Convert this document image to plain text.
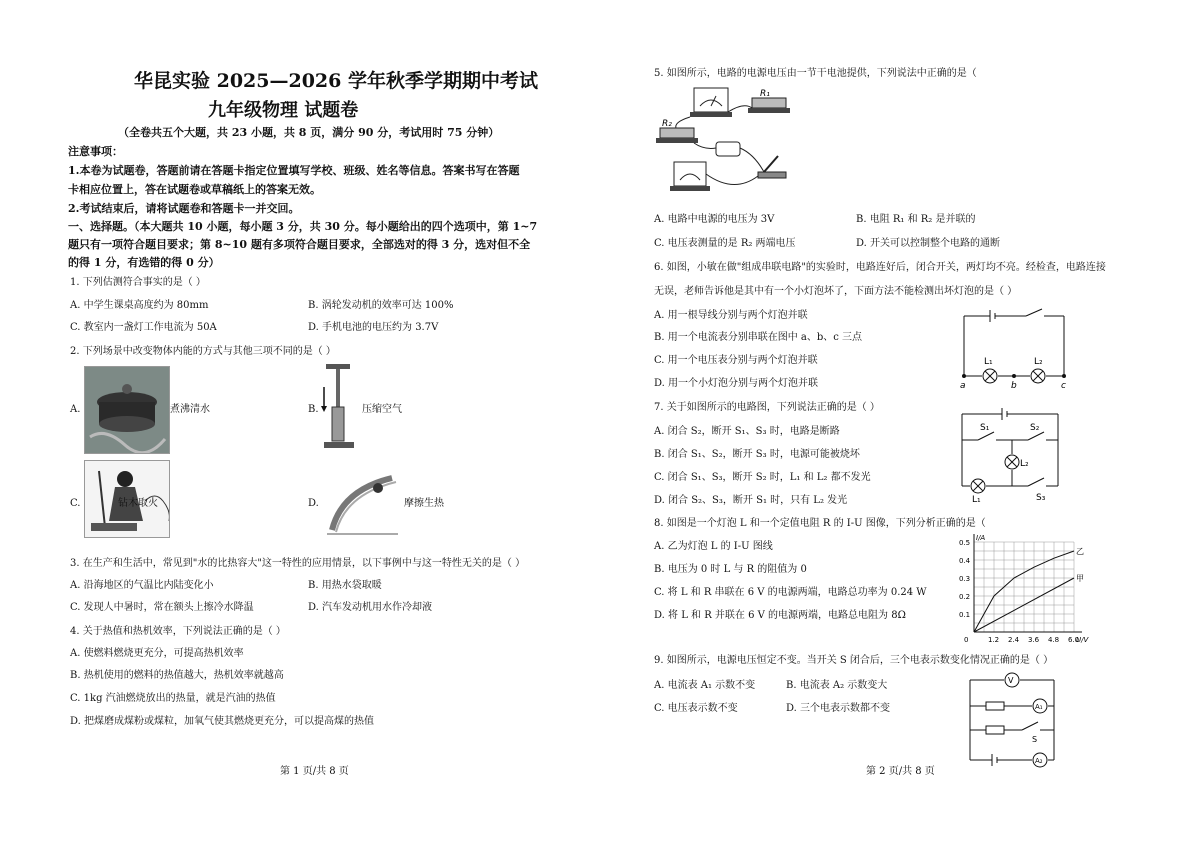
华昆实验 2025—2026 学年秋季学期期中考试
九年级物理 试题卷
（全卷共五个大题，共 23 小题，共 8 页，满分 90 分，考试用时 75 分钟）
注意事项：
1.本卷为试题卷，答题前请在答题卡指定位置填写学校、班级、姓名等信息。答案书写在答题
卡相应位置上，答在试题卷或草稿纸上的答案无效。
2.考试结束后，请将试题卷和答题卡一并交回。
一、选择题。（本大题共 10 小题，每小题 3 分，共 30 分。每小题给出的四个选项中，第 1~7
题只有一项符合题目要求；第 8~10 题有多项符合题目要求，全部选对的得 3 分，选对但不全
的得 1 分，有选错的得 0 分）
1. 下列估测符合事实的是（ ）
A. 中学生课桌高度约为 80mm	B. 涡轮发动机的效率可达 100%
C. 教室内一盏灯工作电流为 50A	D. 手机电池的电压约为 3.7V
2. 下列场景中改变物体内能的方式与其他三项不同的是（ ）
A.	煮沸清水	B.	压缩空气
C.	钻木取火	D.	摩擦生热
3. 在生产和生活中，常见到"水的比热容大"这一特性的应用情景，以下事例中与这一特性无关的是（ ）
A. 沿海地区的气温比内陆变化小	B. 用热水袋取暖
C. 发现人中暑时，常在额头上擦冷水降温	D. 汽车发动机用水作冷却液
4. 关于热值和热机效率，下列说法正确的是（ ）
A. 使燃料燃烧更充分，可提高热机效率
B. 热机使用的燃料的热值越大，热机效率就越高
C. 1kg 汽油燃烧放出的热量，就是汽油的热值
D. 把煤磨成煤粉或煤粒，加氧气使其燃烧更充分，可以提高煤的热值
第 1 页/共 8 页
5. 如图所示，电路的电源电压由一节干电池提供，下列说法中正确的是（
R₁
R₂
A. 电路中电源的电压为 3V	B. 电阻 R₁ 和 R₂ 是并联的
C. 电压表测量的是 R₂ 两端电压	D. 开关可以控制整个电路的通断
6. 如图，小敏在做"组成串联电路"的实验时，电路连好后，闭合开关，两灯均不亮。经检查，电路连接
无误，老师告诉他是其中有一个小灯泡坏了，下面方法不能检测出坏灯泡的是（ ）
A. 用一根导线分别与两个灯泡并联
B. 用一个电流表分别串联在图中 a、b、c 三点
C. 用一个电压表分别与两个灯泡并联
D. 用一个小灯泡分别与两个灯泡并联
L₁	L₂
a	b	c
7. 关于如图所示的电路图，下列说法正确的是（ ）
A. 闭合 S₂，断开 S₁、S₃ 时，电路是断路
B. 闭合 S₁、S₂，断开 S₃ 时，电源可能被烧坏
C. 闭合 S₁、S₃，断开 S₂ 时，L₁ 和 L₂ 都不发光
D. 闭合 S₂、S₃，断开 S₁ 时，只有 L₂ 发光
S₁	S₂
L₂
L₁	S₃
8. 如图是一个灯泡 L 和一个定值电阻 R 的 I-U 图像，下列分析正确的是（
A. 乙为灯泡 L 的 I-U 图线
B. 电压为 0 时 L 与 R 的阻值为 0
C. 将 L 和 R 串联在 6 V 的电源两端，电路总功率为 0.24 W
D. 将 L 和 R 并联在 6 V 的电源两端，电路总电阻为 8Ω
0	1.2 2.4 3.6 4.8 6.0
0.1
0.2
0.3
0.4
0.5
U/V
I/A
乙
甲
9. 如图所示，电源电压恒定不变。当开关 S 闭合后，三个电表示数变化情况正确的是（ ）
A. 电流表 A₁ 示数不变	B. 电流表 A₂ 示数变大
C. 电压表示数不变	D. 三个电表示数都不变
V
A₁
S
A₂
第 2 页/共 8 页
